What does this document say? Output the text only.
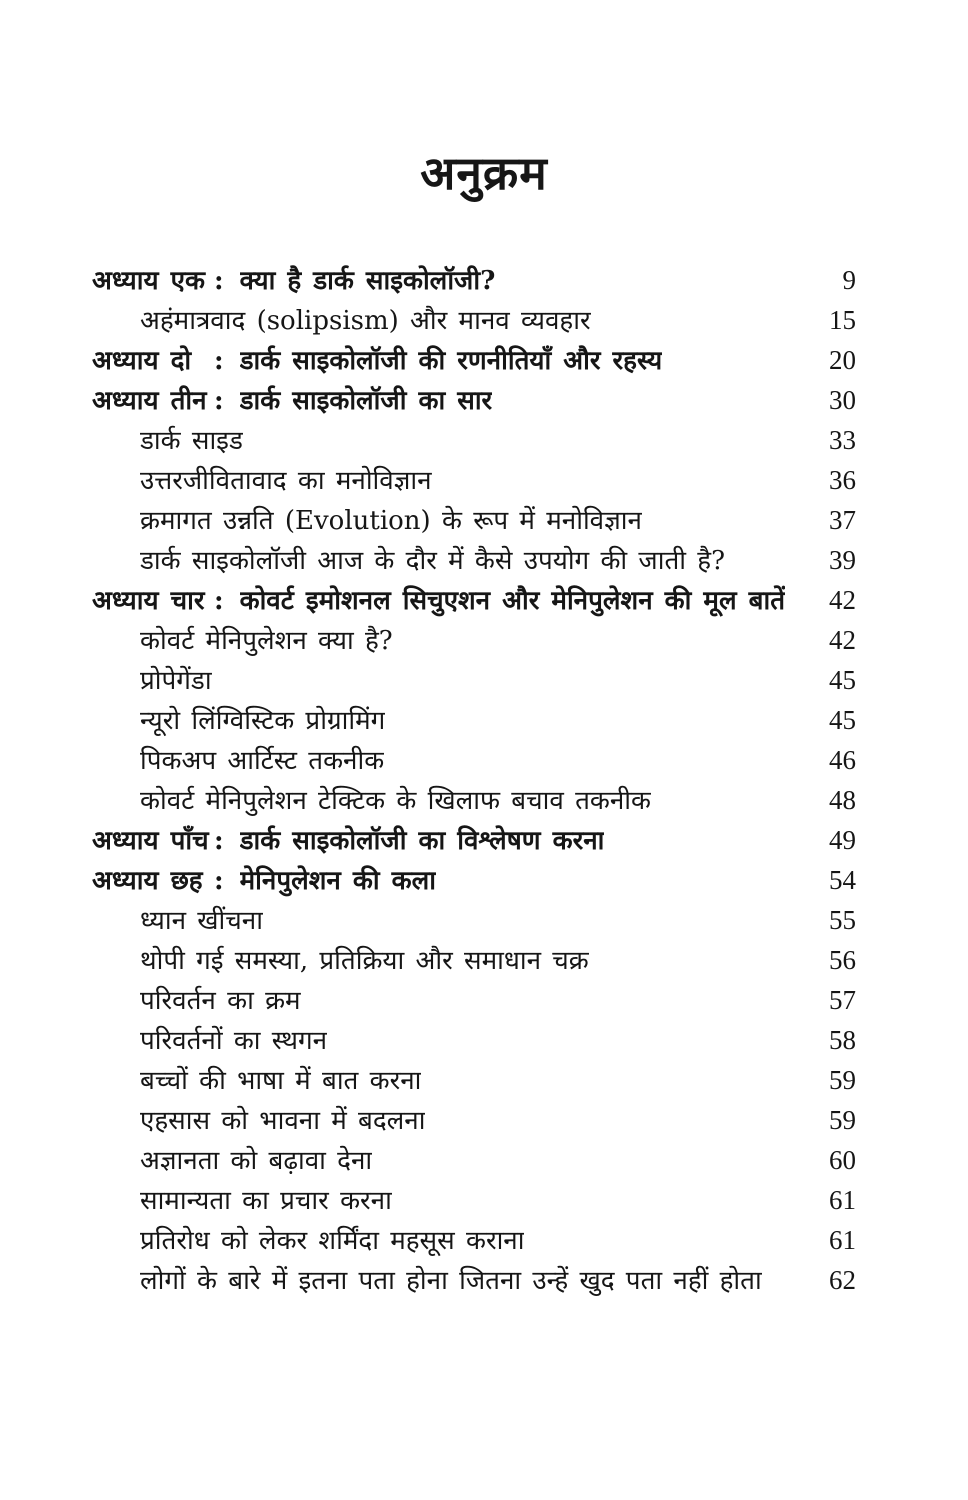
अनुक्रम
अध्याय एक : क्या है डार्क साइकोलॉजी?	9
अहंमात्रवाद (solipsism) और मानव व्यवहार	15
अध्याय दो : डार्क साइकोलॉजी की रणनीतियाँ और रहस्य	20
अध्याय तीन : डार्क साइकोलॉजी का सार	30
डार्क साइड	33
उत्तरजीवितावाद का मनोविज्ञान	36
क्रमागत उन्नति (Evolution) के रूप में मनोविज्ञान	37
डार्क साइकोलॉजी आज के दौर में कैसे उपयोग की जाती है?	39
अध्याय चार : कोवर्ट इमोशनल सिचुएशन और मेनिपुलेशन की मूल बातें	42
कोवर्ट मेनिपुलेशन क्या है?	42
प्रोपेगेंडा	45
न्यूरो लिंग्विस्टिक प्रोग्रामिंग	45
पिकअप आर्टिस्ट तकनीक	46
कोवर्ट मेनिपुलेशन टेक्टिक के खिलाफ बचाव तकनीक	48
अध्याय पाँच : डार्क साइकोलॉजी का विश्लेषण करना	49
अध्याय छह : मेनिपुलेशन की कला	54
ध्यान खींचना	55
थोपी गई समस्या, प्रतिक्रिया और समाधान चक्र	56
परिवर्तन का क्रम	57
परिवर्तनों का स्थगन	58
बच्चों की भाषा में बात करना	59
एहसास को भावना में बदलना	59
अज्ञानता को बढ़ावा देना	60
सामान्यता का प्रचार करना	61
प्रतिरोध को लेकर शर्मिंदा महसूस कराना	61
लोगों के बारे में इतना पता होना जितना उन्हें खुद पता नहीं होता	62
